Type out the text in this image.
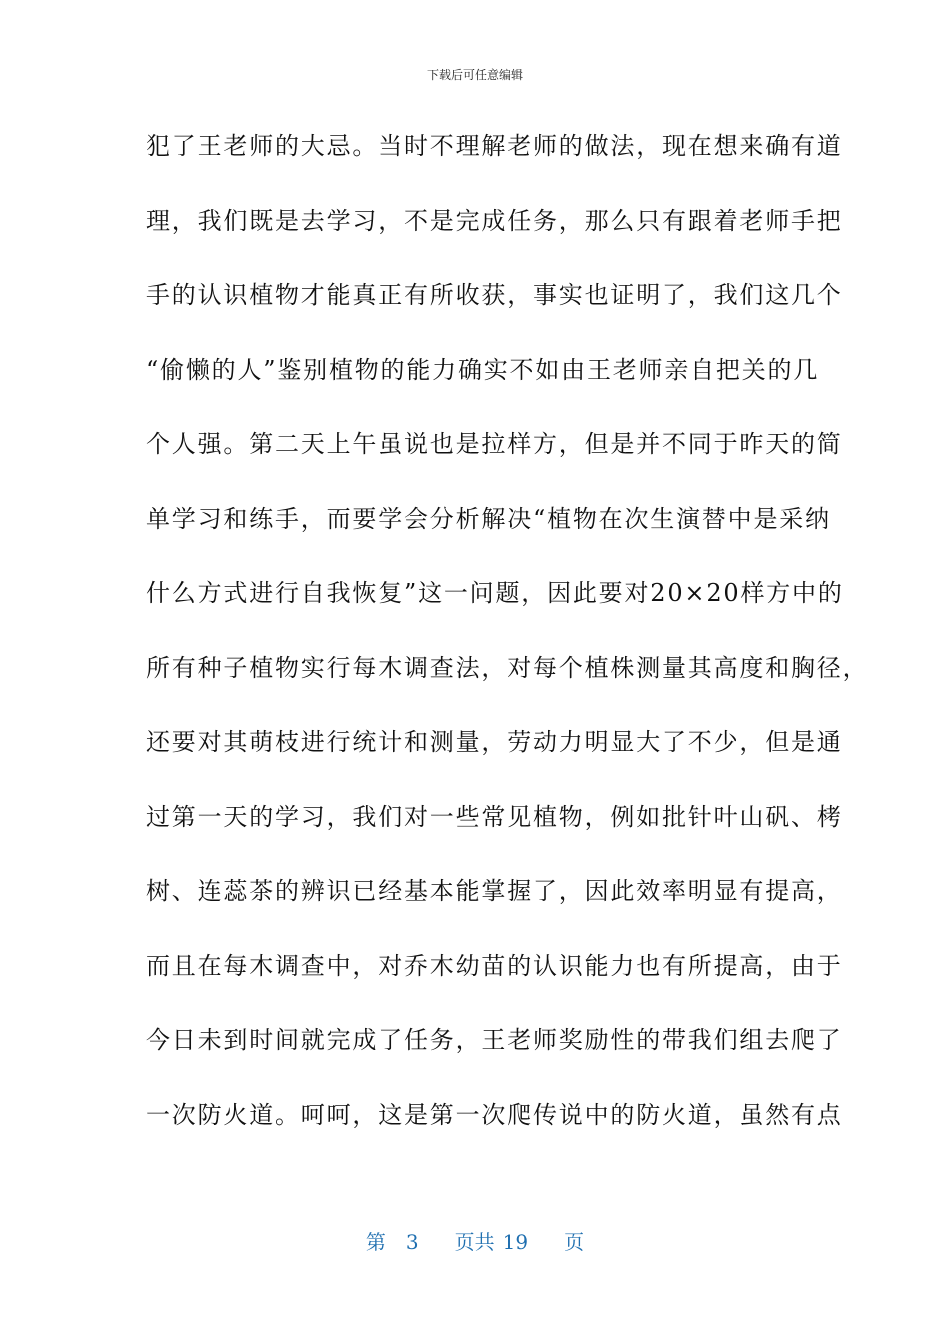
下载后可任意编辑
犯了王老师的大忌。当时不理解老师的做法，现在想来确有道
理，我们既是去学习，不是完成任务，那么只有跟着老师手把
手的认识植物才能真正有所收获，事实也证明了，我们这几个
“偷懒的人”鉴别植物的能力确实不如由王老师亲自把关的几
个人强。第二天上午虽说也是拉样方，但是并不同于昨天的简
单学习和练手，而要学会分析解决“植物在次生演替中是采纳
什么方式进行自我恢复”这一问题，因此要对20×20样方中的
所有种子植物实行每木调查法，对每个植株测量其高度和胸径，
还要对其萌枝进行统计和测量，劳动力明显大了不少，但是通
过第一天的学习，我们对一些常见植物，例如批针叶山矾、栲
树、连蕊茶的辨识已经基本能掌握了，因此效率明显有提高，
而且在每木调查中，对乔木幼苗的认识能力也有所提高，由于
今日未到时间就完成了任务，王老师奖励性的带我们组去爬了
一次防火道。呵呵，这是第一次爬传说中的防火道，虽然有点
第 3 页共 19 页
